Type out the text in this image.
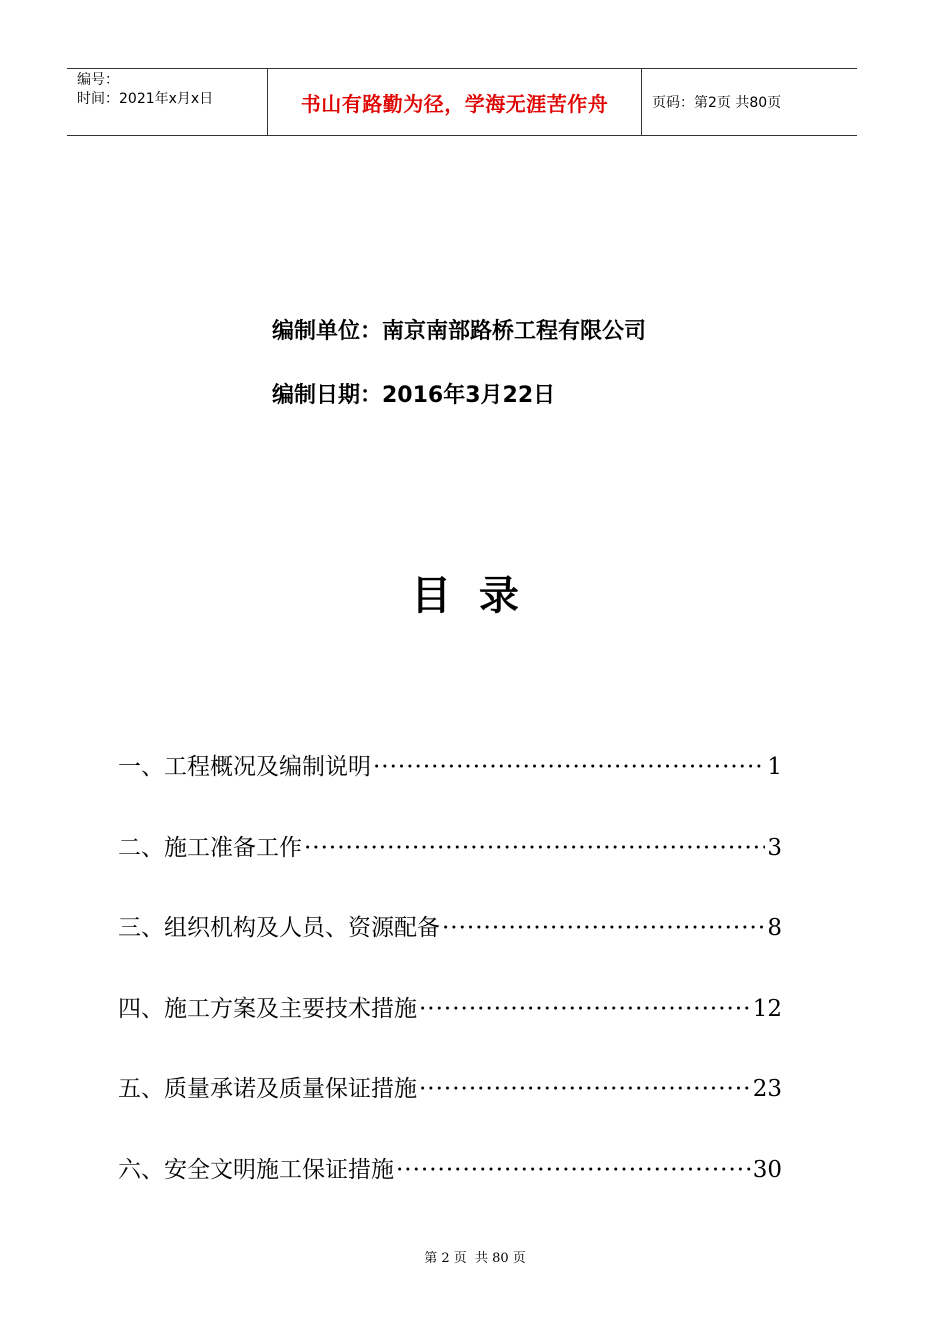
编号：
时间：2021年x月x日	书山有路勤为径，学海无涯苦作舟	页码：第2页 共80页
编制单位：南京南部路桥工程有限公司
编制日期：2016年3月22日
目  录
一、工程概况及编制说明 ·····	1
二、施工准备工作 ·····	3
三、组织机构及人员、资源配备 ·····	8
四、施工方案及主要技术措施 ·····	12
五、质量承诺及质量保证措施 ·····	23
六、安全文明施工保证措施 ·····	30
第 2 页  共 80 页
